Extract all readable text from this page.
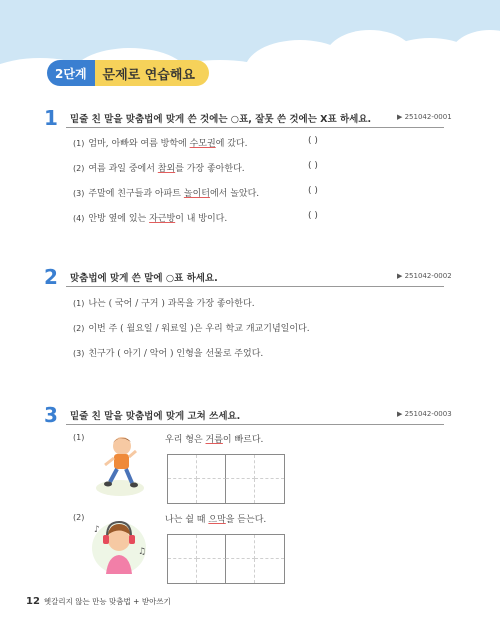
2단계	문제로 연습해요
1 밑줄 친 말을 맞춤법에 맞게 쓴 것에는 ○표, 잘못 쓴 것에는 X표 하세요.	▶ 251042-0001
(1) 엄마, 아빠와 여름 방학에 수모권에 갔다.	( )
(2) 여름 과일 중에서 참외를 가장 좋아한다.	( )
(3) 주말에 친구들과 아파트 놀이터에서 놀았다.	( )
(4) 안방 옆에 있는 자근방이 내 방이다.	( )
2 맞춤법에 맞게 쓴 말에 ○표 하세요.	▶ 251042-0002
(1) 나는 ( 국어 / 구거 ) 과목을 가장 좋아한다.
(2) 이번 주 ( 월요일 / 워료일 )은 우리 학교 개교기념일이다.
(3) 친구가 ( 아기 / 악어 ) 인형을 선물로 주었다.
3 밑줄 친 말을 맞춤법에 맞게 고쳐 쓰세요.	▶ 251042-0003
(1)	우리 형은 거름이 빠르다.
(2)
♪
♫
나는 쉴 때 으막을 듣는다.
12 헷갈리지 않는 만능 맞춤법 + 받아쓰기
